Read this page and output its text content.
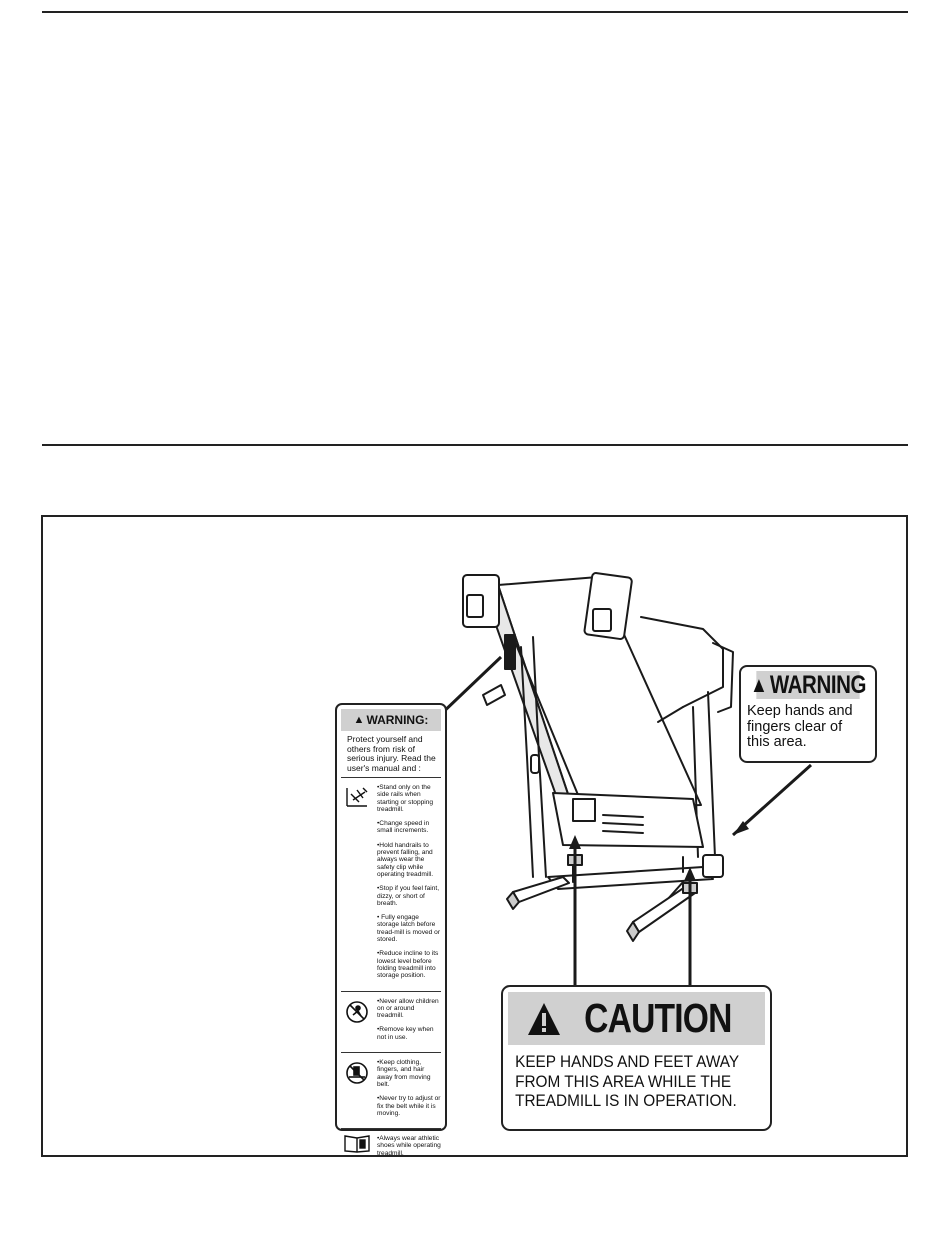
▲ WARNING:
Protect yourself and others from risk of serious injury. Read the user's manual and :
•Stand only on the side rails when starting or stopping treadmill.
•Change speed in small increments.
•Hold handrails to prevent falling, and always wear the safety clip while operating treadmill.
•Stop if you feel faint, dizzy, or short of breath.
• Fully engage storage latch before tread-mill is moved or stored.
•Reduce incline to its lowest level before folding treadmill into storage position.
•Never allow children on or around treadmill.
•Remove key when not in use.
•Keep clothing, fingers, and hair away from moving belt.
•Never try to adjust or fix the belt while it is moving.
•Always wear athletic shoes while operating treadmill.
▲ WARNING
Keep hands and
fingers clear of
this area.
CAUTION
KEEP HANDS AND FEET AWAY
FROM THIS AREA WHILE THE
TREADMILL IS IN OPERATION.
